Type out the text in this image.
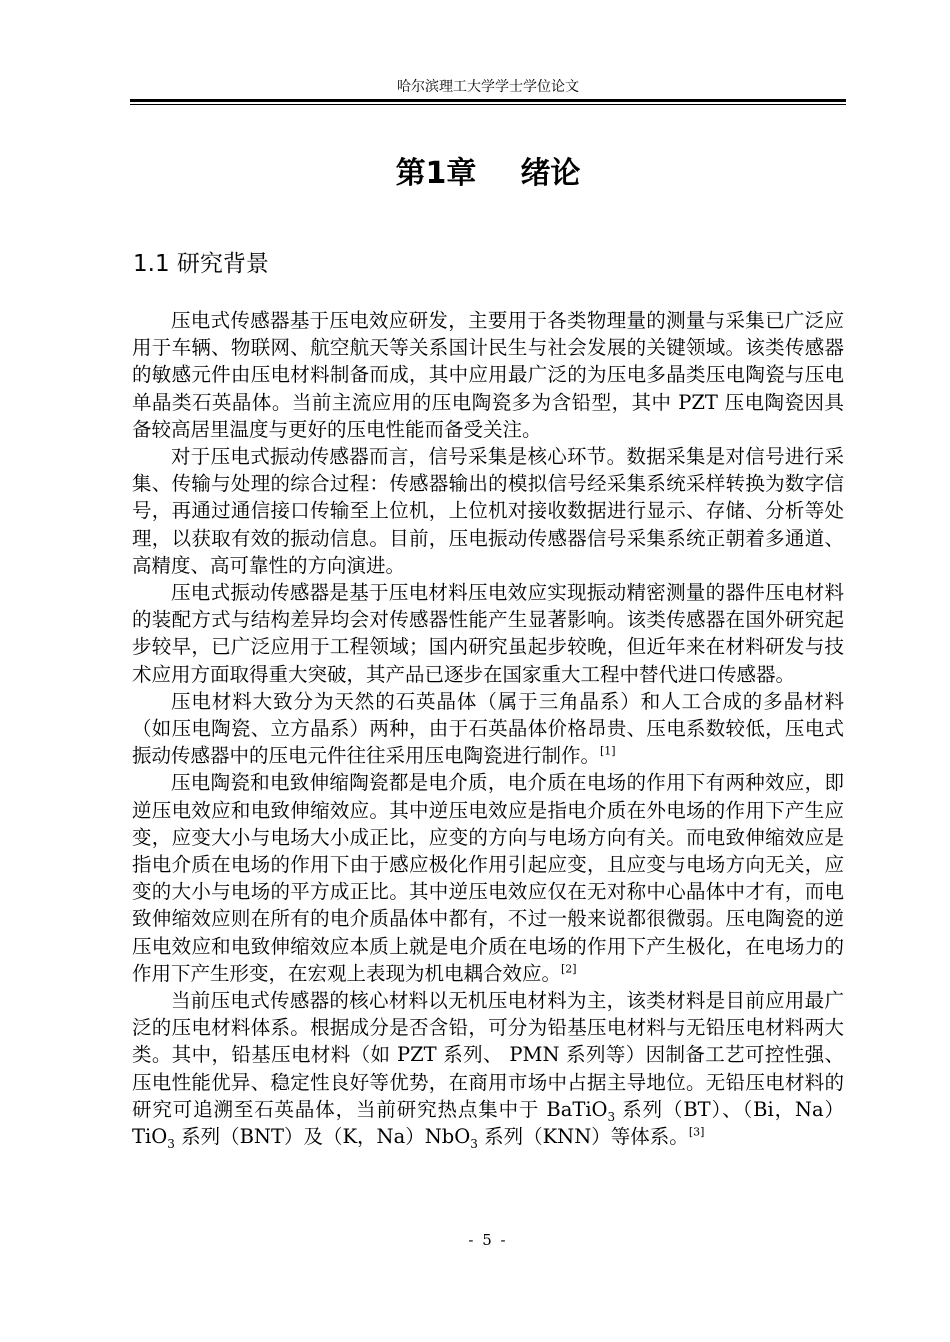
哈尔滨理工大学学士学位论文
第1章 绪论
1.1 研究背景

压电式传感器基于压电效应研发，主要用于各类物理量的测量与采集已广泛应用于车辆、物联网、航空航天等关系国计民生与社会发展的关键领域。该类传感器的敏感元件由压电材料制备而成，其中应用最广泛的为压电多晶类压电陶瓷与压电单晶类石英晶体。当前主流应用的压电陶瓷多为含铅型，其中 PZT 压电陶瓷因具备较高居里温度与更好的压电性能而备受关注。

对于压电式振动传感器而言，信号采集是核心环节。数据采集是对信号进行采集、传输与处理的综合过程：传感器输出的模拟信号经采集系统采样转换为数字信号，再通过通信接口传输至上位机，上位机对接收数据进行显示、存储、分析等处理，以获取有效的振动信息。目前，压电振动传感器信号采集系统正朝着多通道、高精度、高可靠性的方向演进。

压电式振动传感器是基于压电材料压电效应实现振动精密测量的器件压电材料的装配方式与结构差异均会对传感器性能产生显著影响。该类传感器在国外研究起步较早，已广泛应用于工程领域；国内研究虽起步较晚，但近年来在材料研发与技术应用方面取得重大突破，其产品已逐步在国家重大工程中替代进口传感器。

压电材料大致分为天然的石英晶体（属于三角晶系）和人工合成的多晶材料（如压电陶瓷、立方晶系）两种，由于石英晶体价格昂贵、压电系数较低，压电式振动传感器中的压电元件往往采用压电陶瓷进行制作。[1]

压电陶瓷和电致伸缩陶瓷都是电介质，电介质在电场的作用下有两种效应，即逆压电效应和电致伸缩效应。其中逆压电效应是指电介质在外电场的作用下产生应变，应变大小与电场大小成正比，应变的方向与电场方向有关。而电致伸缩效应是指电介质在电场的作用下由于感应极化作用引起应变，且应变与电场方向无关，应变的大小与电场的平方成正比。其中逆压电效应仅在无对称中心晶体中才有，而电致伸缩效应则在所有的电介质晶体中都有，不过一般来说都很微弱。压电陶瓷的逆压电效应和电致伸缩效应本质上就是电介质在电场的作用下产生极化，在电场力的作用下产生形变，在宏观上表现为机电耦合效应。[2]

当前压电式传感器的核心材料以无机压电材料为主，该类材料是目前应用最广泛的压电材料体系。根据成分是否含铅，可分为铅基压电材料与无铅压电材料两大类。其中，铅基压电材料（如 PZT 系列、 PMN 系列等）因制备工艺可控性强、压电性能优异、稳定性良好等优势，在商用市场中占据主导地位。无铅压电材料的研究可追溯至石英晶体，当前研究热点集中于 BaTiO$_3$ 系列（BT）、（Bi，Na）TiO$_3$ 系列（BNT）及（K，Na）NbO$_3$ 系列（KNN）等体系。[3]

- 5 -
